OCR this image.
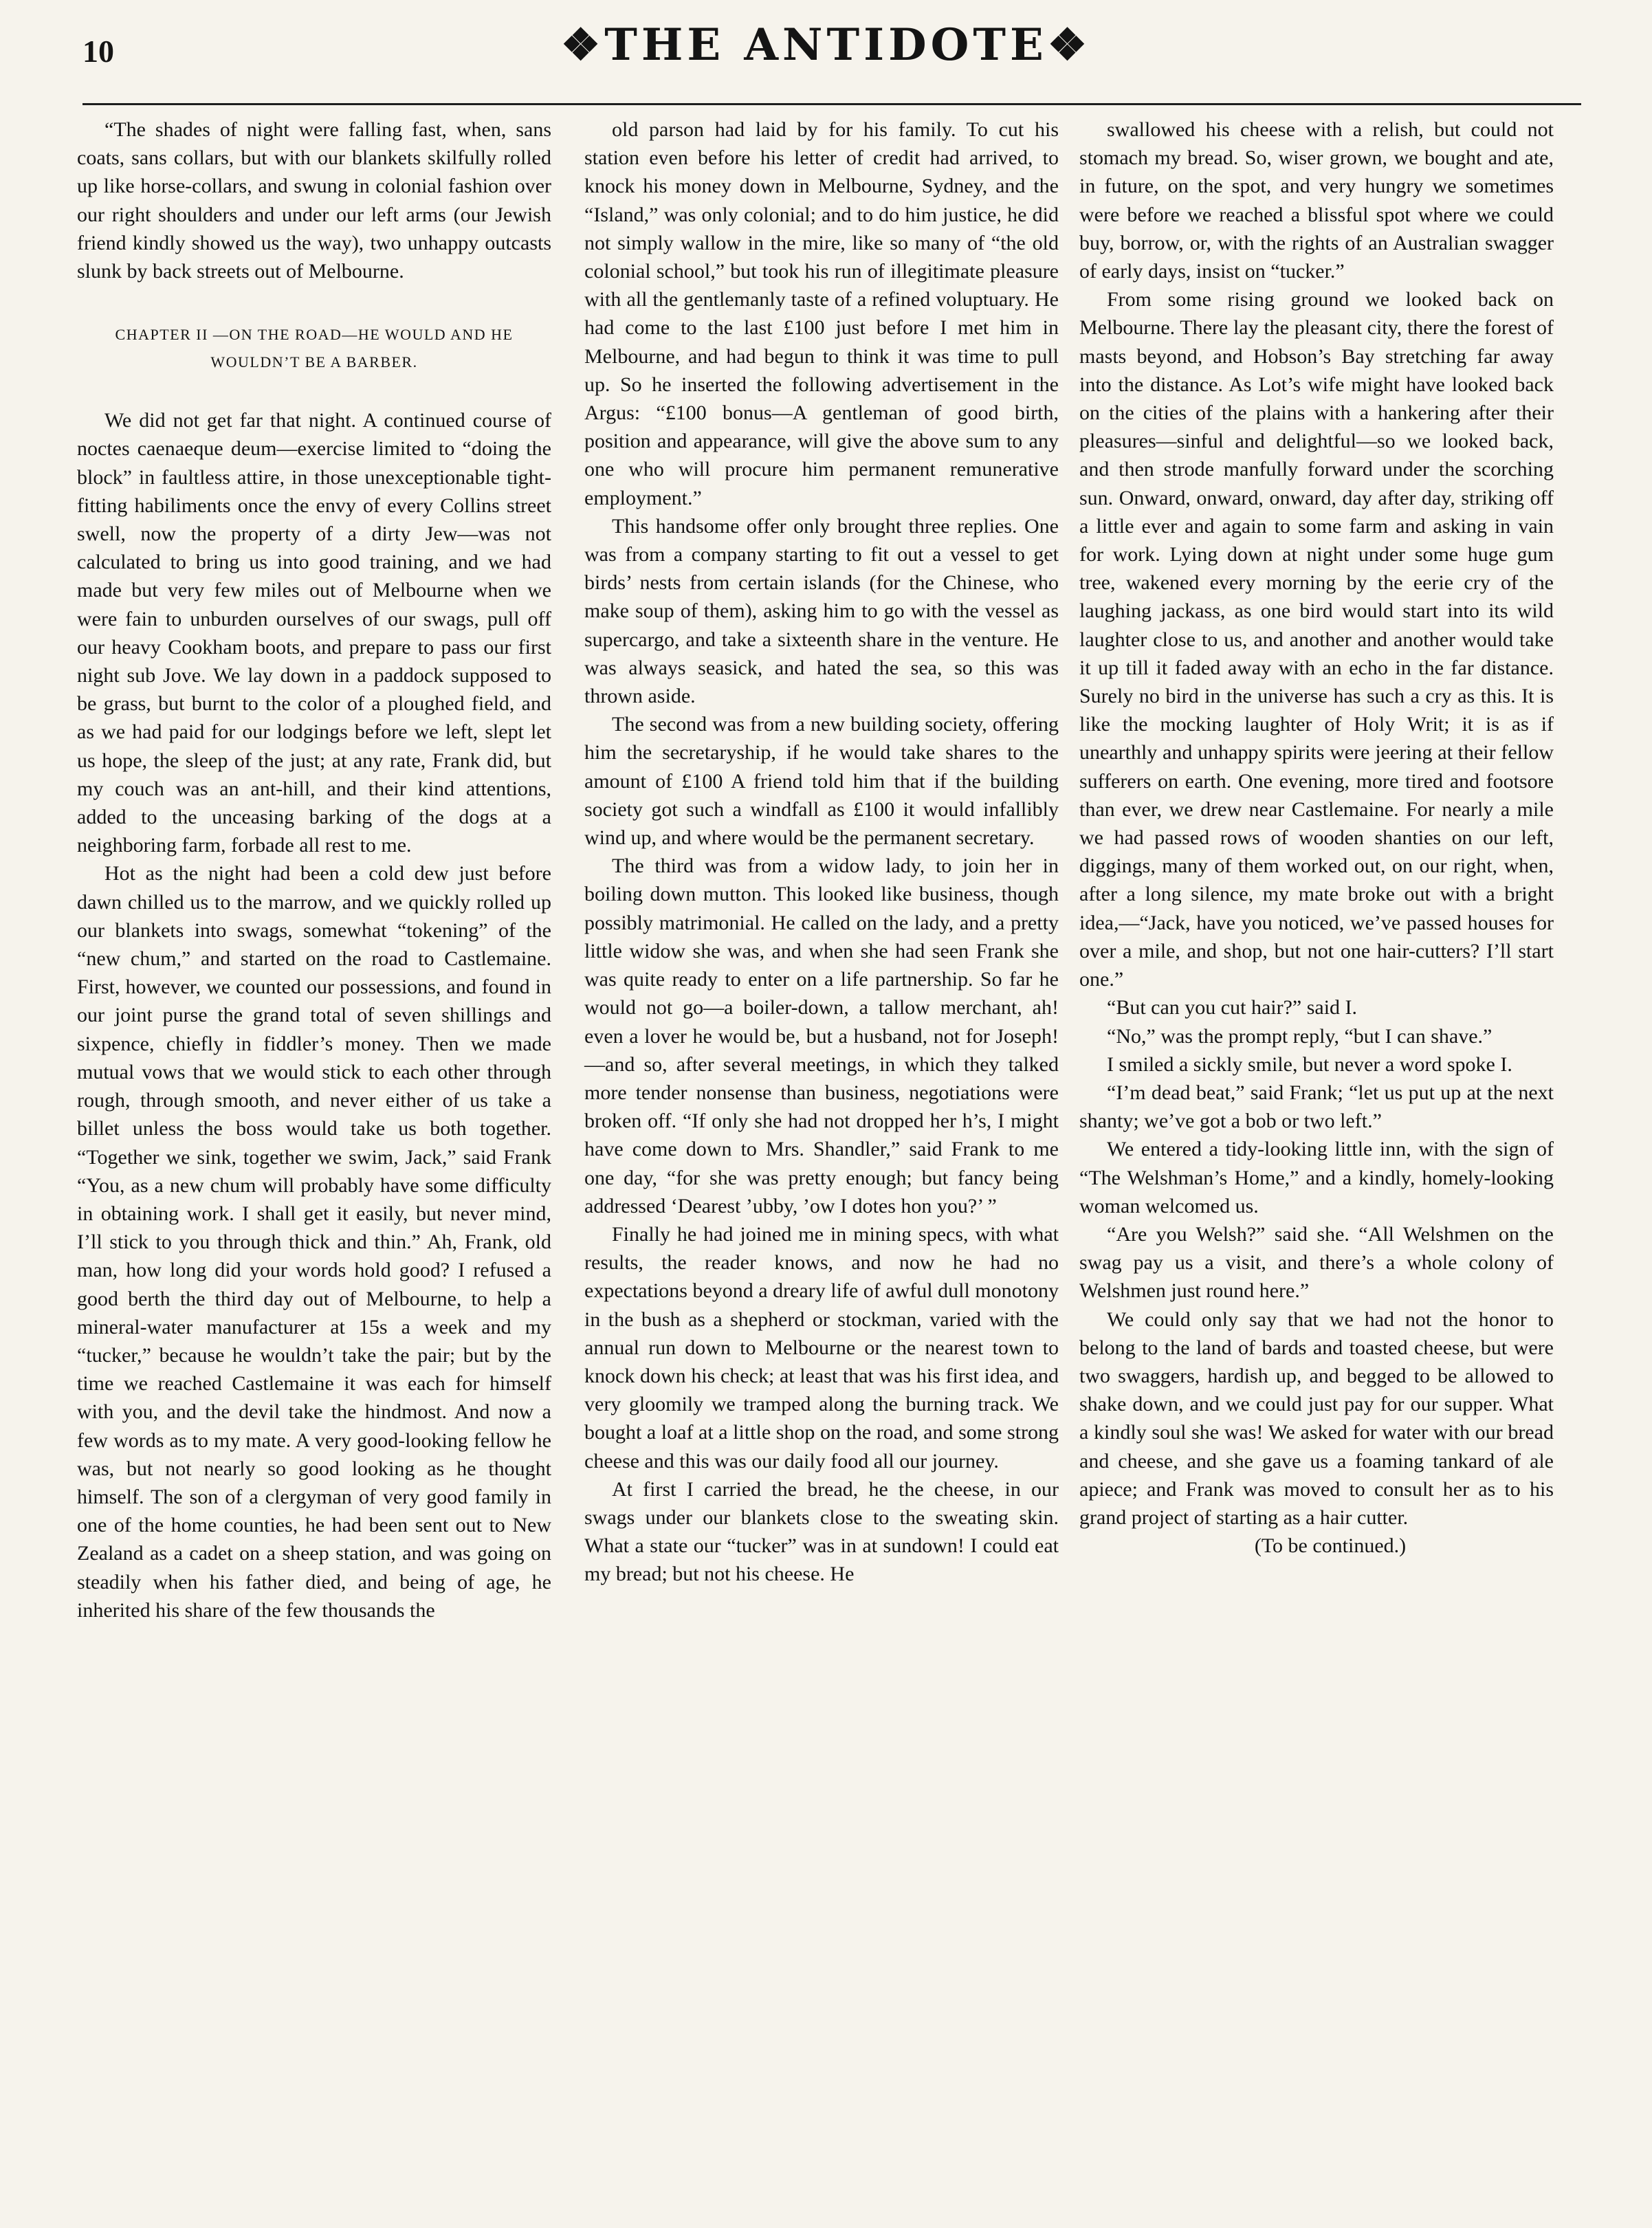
10	❖THE ANTIDOTE❖

“The shades of night were falling fast, when, sans coats, sans collars, but with our blankets skilfully rolled up like horse-collars, and swung in colonial fashion over our right shoulders and under our left arms (our Jewish friend kindly showed us the way), two unhappy outcasts slunk by back streets out of Melbourne.

CHAPTER II —ON THE ROAD—HE WOULD AND HE WOULDN’T BE A BARBER.

We did not get far that night. A continued course of noctes caenaeque deum—exercise limited to “doing the block” in faultless attire, in those unexceptionable tight-fitting habiliments once the envy of every Collins street swell, now the property of a dirty Jew—was not calculated to bring us into good training, and we had made but very few miles out of Melbourne when we were fain to unburden ourselves of our swags, pull off our heavy Cookham boots, and prepare to pass our first night sub Jove. We lay down in a paddock supposed to be grass, but burnt to the color of a ploughed field, and as we had paid for our lodgings before we left, slept let us hope, the sleep of the just; at any rate, Frank did, but my couch was an ant-hill, and their kind attentions, added to the unceasing barking of the dogs at a neighboring farm, forbade all rest to me.

Hot as the night had been a cold dew just before dawn chilled us to the marrow, and we quickly rolled up our blankets into swags, somewhat “tokening” of the “new chum,” and started on the road to Castlemaine. First, however, we counted our possessions, and found in our joint purse the grand total of seven shillings and sixpence, chiefly in fiddler’s money. Then we made mutual vows that we would stick to each other through rough, through smooth, and never either of us take a billet unless the boss would take us both together. “Together we sink, together we swim, Jack,” said Frank “You, as a new chum will probably have some difficulty in obtaining work. I shall get it easily, but never mind, I’ll stick to you through thick and thin.” Ah, Frank, old man, how long did your words hold good? I refused a good berth the third day out of Melbourne, to help a mineral-water manufacturer at 15s a week and my “tucker,” because he wouldn’t take the pair; but by the time we reached Castlemaine it was each for himself with you, and the devil take the hindmost. And now a few words as to my mate. A very good-looking fellow he was, but not nearly so good looking as he thought himself. The son of a clergyman of very good family in one of the home counties, he had been sent out to New Zealand as a cadet on a sheep station, and was going on steadily when his father died, and being of age, he inherited his share of the few thousands the

old parson had laid by for his family. To cut his station even before his letter of credit had arrived, to knock his money down in Melbourne, Sydney, and the “Island,” was only colonial; and to do him justice, he did not simply wallow in the mire, like so many of “the old colonial school,” but took his run of illegitimate pleasure with all the gentlemanly taste of a refined voluptuary. He had come to the last £100 just before I met him in Melbourne, and had begun to think it was time to pull up. So he inserted the following advertisement in the Argus: “£100 bonus—A gentleman of good birth, position and appearance, will give the above sum to any one who will procure him permanent remunerative employment.”

This handsome offer only brought three replies. One was from a company starting to fit out a vessel to get birds’ nests from certain islands (for the Chinese, who make soup of them), asking him to go with the vessel as supercargo, and take a sixteenth share in the venture. He was always seasick, and hated the sea, so this was thrown aside.

The second was from a new building society, offering him the secretaryship, if he would take shares to the amount of £100 A friend told him that if the building society got such a windfall as £100 it would infallibly wind up, and where would be the permanent secretary.

The third was from a widow lady, to join her in boiling down mutton. This looked like business, though possibly matrimonial. He called on the lady, and a pretty little widow she was, and when she had seen Frank she was quite ready to enter on a life partnership. So far he would not go—a boiler-down, a tallow merchant, ah! even a lover he would be, but a husband, not for Joseph!—and so, after several meetings, in which they talked more tender nonsense than business, negotiations were broken off. “If only she had not dropped her h’s, I might have come down to Mrs. Shandler,” said Frank to me one day, “for she was pretty enough; but fancy being addressed ‘Dearest ’ubby, ’ow I dotes hon you?’ ”

Finally he had joined me in mining specs, with what results, the reader knows, and now he had no expectations beyond a dreary life of awful dull monotony in the bush as a shepherd or stockman, varied with the annual run down to Melbourne or the nearest town to knock down his check; at least that was his first idea, and very gloomily we tramped along the burning track. We bought a loaf at a little shop on the road, and some strong cheese and this was our daily food all our journey.

At first I carried the bread, he the cheese, in our swags under our blankets close to the sweating skin. What a state our “tucker” was in at sundown! I could eat my bread; but not his cheese. He

swallowed his cheese with a relish, but could not stomach my bread. So, wiser grown, we bought and ate, in future, on the spot, and very hungry we sometimes were before we reached a blissful spot where we could buy, borrow, or, with the rights of an Australian swagger of early days, insist on “tucker.”

From some rising ground we looked back on Melbourne. There lay the pleasant city, there the forest of masts beyond, and Hobson’s Bay stretching far away into the distance. As Lot’s wife might have looked back on the cities of the plains with a hankering after their pleasures—sinful and delightful—so we looked back, and then strode manfully forward under the scorching sun. Onward, onward, onward, day after day, striking off a little ever and again to some farm and asking in vain for work. Lying down at night under some huge gum tree, wakened every morning by the eerie cry of the laughing jackass, as one bird would start into its wild laughter close to us, and another and another would take it up till it faded away with an echo in the far distance. Surely no bird in the universe has such a cry as this. It is like the mocking laughter of Holy Writ; it is as if unearthly and unhappy spirits were jeering at their fellow sufferers on earth. One evening, more tired and footsore than ever, we drew near Castlemaine. For nearly a mile we had passed rows of wooden shanties on our left, diggings, many of them worked out, on our right, when, after a long silence, my mate broke out with a bright idea,—“Jack, have you noticed, we’ve passed houses for over a mile, and shop, but not one hair-cutters? I’ll start one.”

“But can you cut hair?” said I.

“No,” was the prompt reply, “but I can shave.”

I smiled a sickly smile, but never a word spoke I.

“I’m dead beat,” said Frank; “let us put up at the next shanty; we’ve got a bob or two left.”

We entered a tidy-looking little inn, with the sign of “The Welshman’s Home,” and a kindly, homely-looking woman welcomed us.

“Are you Welsh?” said she. “All Welshmen on the swag pay us a visit, and there’s a whole colony of Welshmen just round here.”

We could only say that we had not the honor to belong to the land of bards and toasted cheese, but were two swaggers, hardish up, and begged to be allowed to shake down, and we could just pay for our supper. What a kindly soul she was! We asked for water with our bread and cheese, and she gave us a foaming tankard of ale apiece; and Frank was moved to consult her as to his grand project of starting as a hair cutter.

(To be continued.)
